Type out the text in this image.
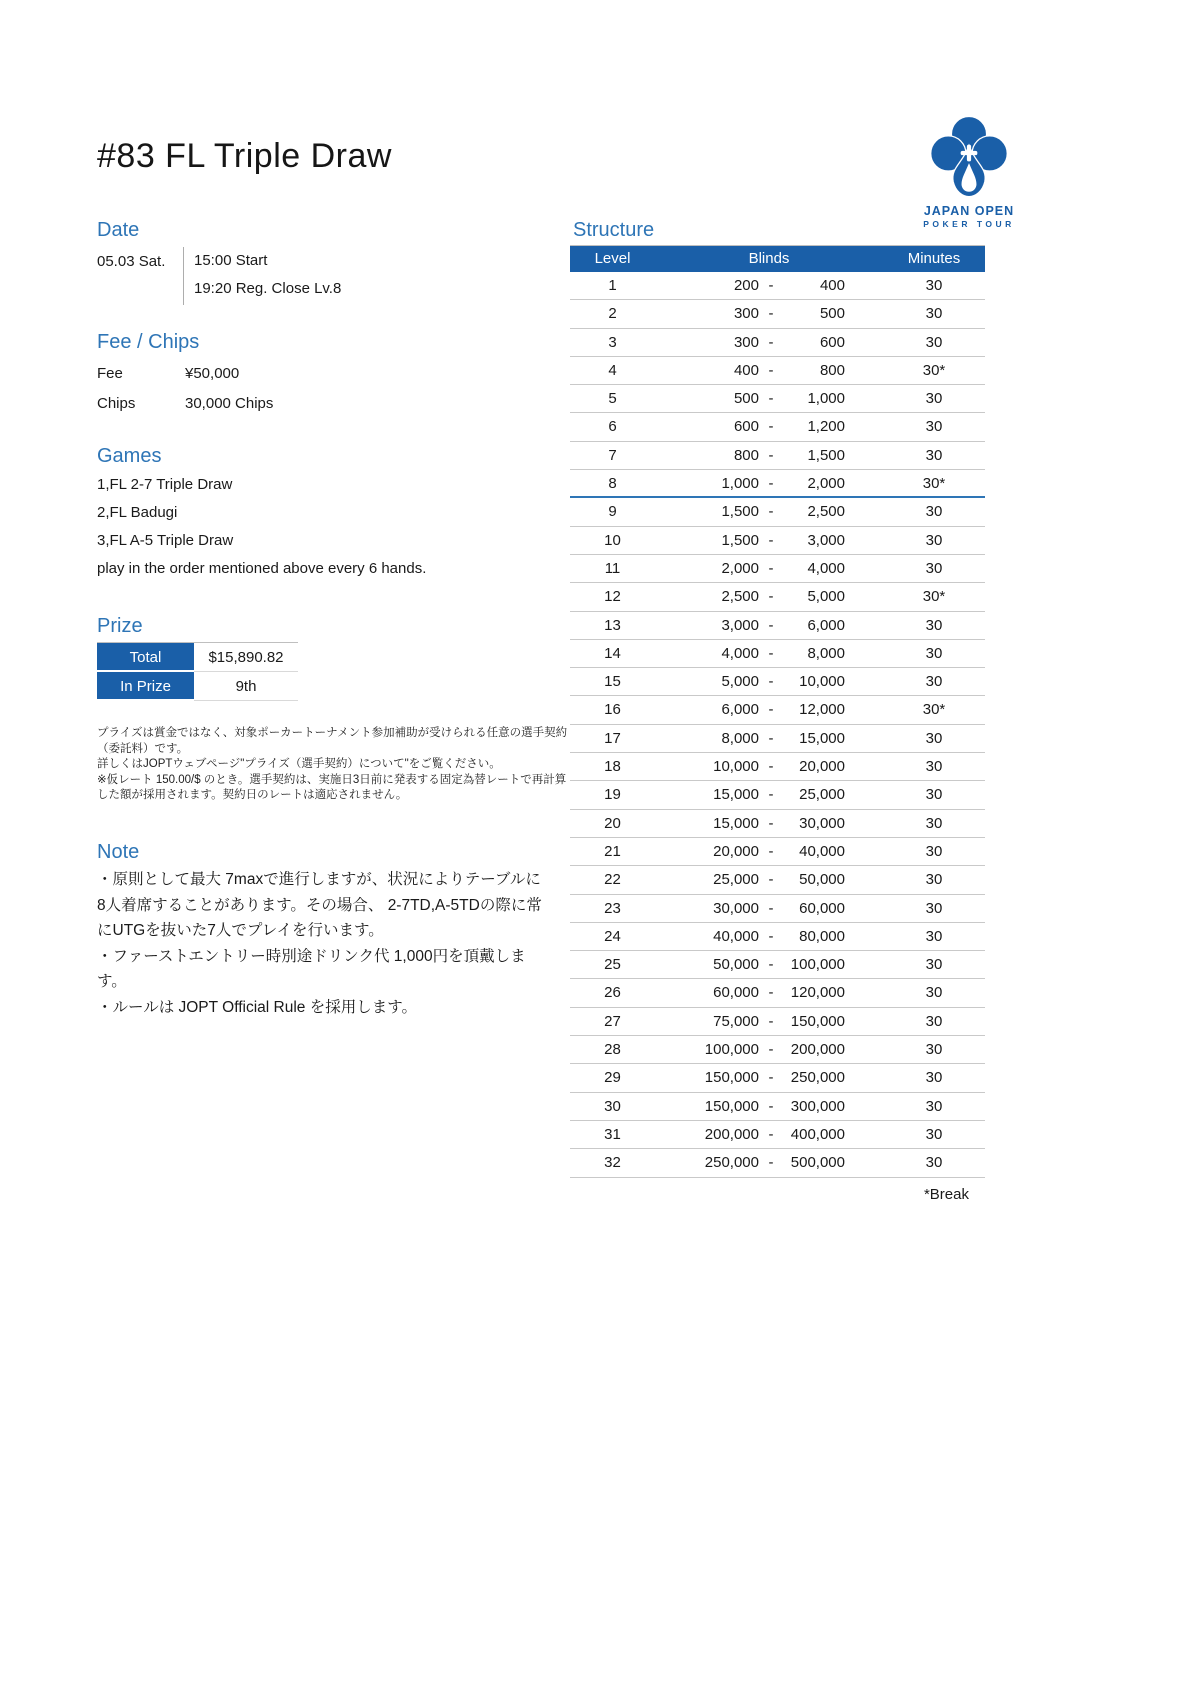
#83 FL Triple Draw
JAPAN OPEN
POKER TOUR
Date
05.03 Sat.	15:00 Start
19:20 Reg. Close Lv.8
Fee / Chips
Fee	¥50,000
Chips	30,000 Chips
Games
1,FL 2-7 Triple Draw
2,FL Badugi
3,FL A-5 Triple Draw
play in the order mentioned above every 6 hands.
Prize
Total	$15,890.82
In Prize	9th

プライズは賞金ではなく、対象ポーカートーナメント参加補助が受けられる任意の選手契約（委託料）です。

詳しくはJOPTウェブページ"プライズ（選手契約）について"をご覧ください。

※仮レート 150.00/$ のとき。選手契約は、実施日3日前に発表する固定為替レートで再計算した額が採用されます。契約日のレートは適応されません。

Note
・原則として最大 7maxで進行しますが、状況によりテーブルに 8人着席することがあります。その場合、 2-7TD,A-5TDの際に常にUTGを抜いた7人でプレイを行います。
・ファーストエントリー時別途ドリンク代 1,000円を頂戴します。
・ルールは JOPT Official Rule を採用します。
Structure
Level	Blinds	Minutes
1	200 -	400	30
2	300 -	500	30
3	300 -	600	30
4	400 -	800	30*
5	500 -	1,000	30
6	600 -	1,200	30
7	800 -	1,500	30
8	1,000 -	2,000	30*
9	1,500 -	2,500	30
10	1,500 -	3,000	30
11	2,000 -	4,000	30
12	2,500 -	5,000	30*
13	3,000 -	6,000	30
14	4,000 -	8,000	30
15	5,000 -	10,000	30
16	6,000 -	12,000	30*
17	8,000 -	15,000	30
18	10,000 -	20,000	30
19	15,000 -	25,000	30
20	15,000 -	30,000	30
21	20,000 -	40,000	30
22	25,000 -	50,000	30
23	30,000 -	60,000	30
24	40,000 -	80,000	30
25	50,000 -	100,000	30
26	60,000 -	120,000	30
27	75,000 -	150,000	30
28	100,000 -	200,000	30
29	150,000 -	250,000	30
30	150,000 -	300,000	30
31	200,000 -	400,000	30
32	250,000 -	500,000	30
*Break
